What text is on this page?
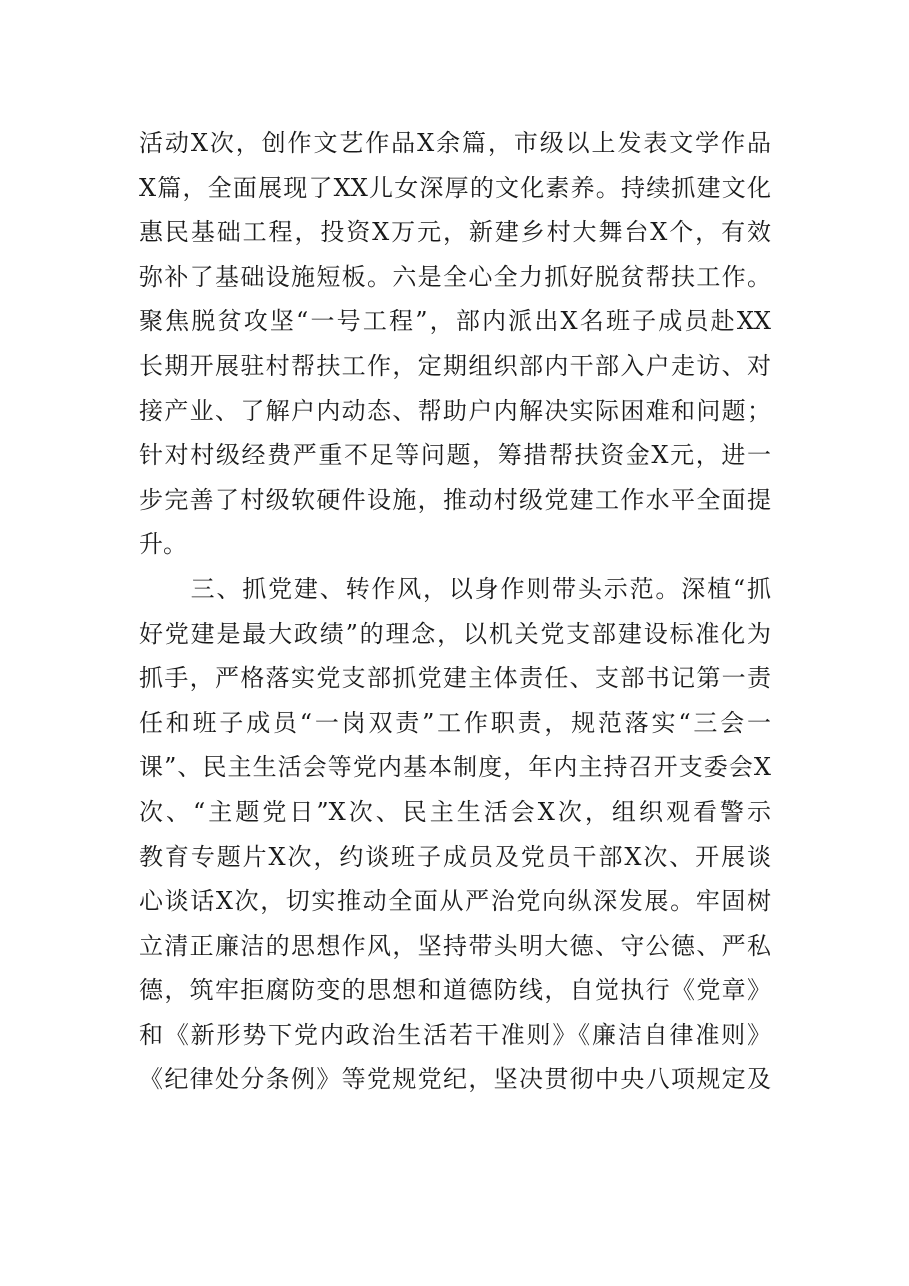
活动X次，创作文艺作品X余篇，市级以上发表文学作品
X篇，全面展现了XX儿女深厚的文化素养。持续抓建文化
惠民基础工程，投资X万元，新建乡村大舞台X个，有效
弥补了基础设施短板。六是全心全力抓好脱贫帮扶工作。
聚焦脱贫攻坚“一号工程”，部内派出X名班子成员赴XX
长期开展驻村帮扶工作，定期组织部内干部入户走访、对
接产业、了解户内动态、帮助户内解决实际困难和问题；
针对村级经费严重不足等问题，筹措帮扶资金X元，进一
步完善了村级软硬件设施，推动村级党建工作水平全面提
升。
　　三、抓党建、转作风，以身作则带头示范。深植“抓
好党建是最大政绩”的理念，以机关党支部建设标准化为
抓手，严格落实党支部抓党建主体责任、支部书记第一责
任和班子成员“一岗双责”工作职责，规范落实“三会一
课”、民主生活会等党内基本制度，年内主持召开支委会X
次、“主题党日”X次、民主生活会X次，组织观看警示
教育专题片X次，约谈班子成员及党员干部X次、开展谈
心谈话X次，切实推动全面从严治党向纵深发展。牢固树
立清正廉洁的思想作风，坚持带头明大德、守公德、严私
德，筑牢拒腐防变的思想和道德防线，自觉执行《党章》
和《新形势下党内政治生活若干准则》《廉洁自律准则》
《纪律处分条例》等党规党纪，坚决贯彻中央八项规定及
